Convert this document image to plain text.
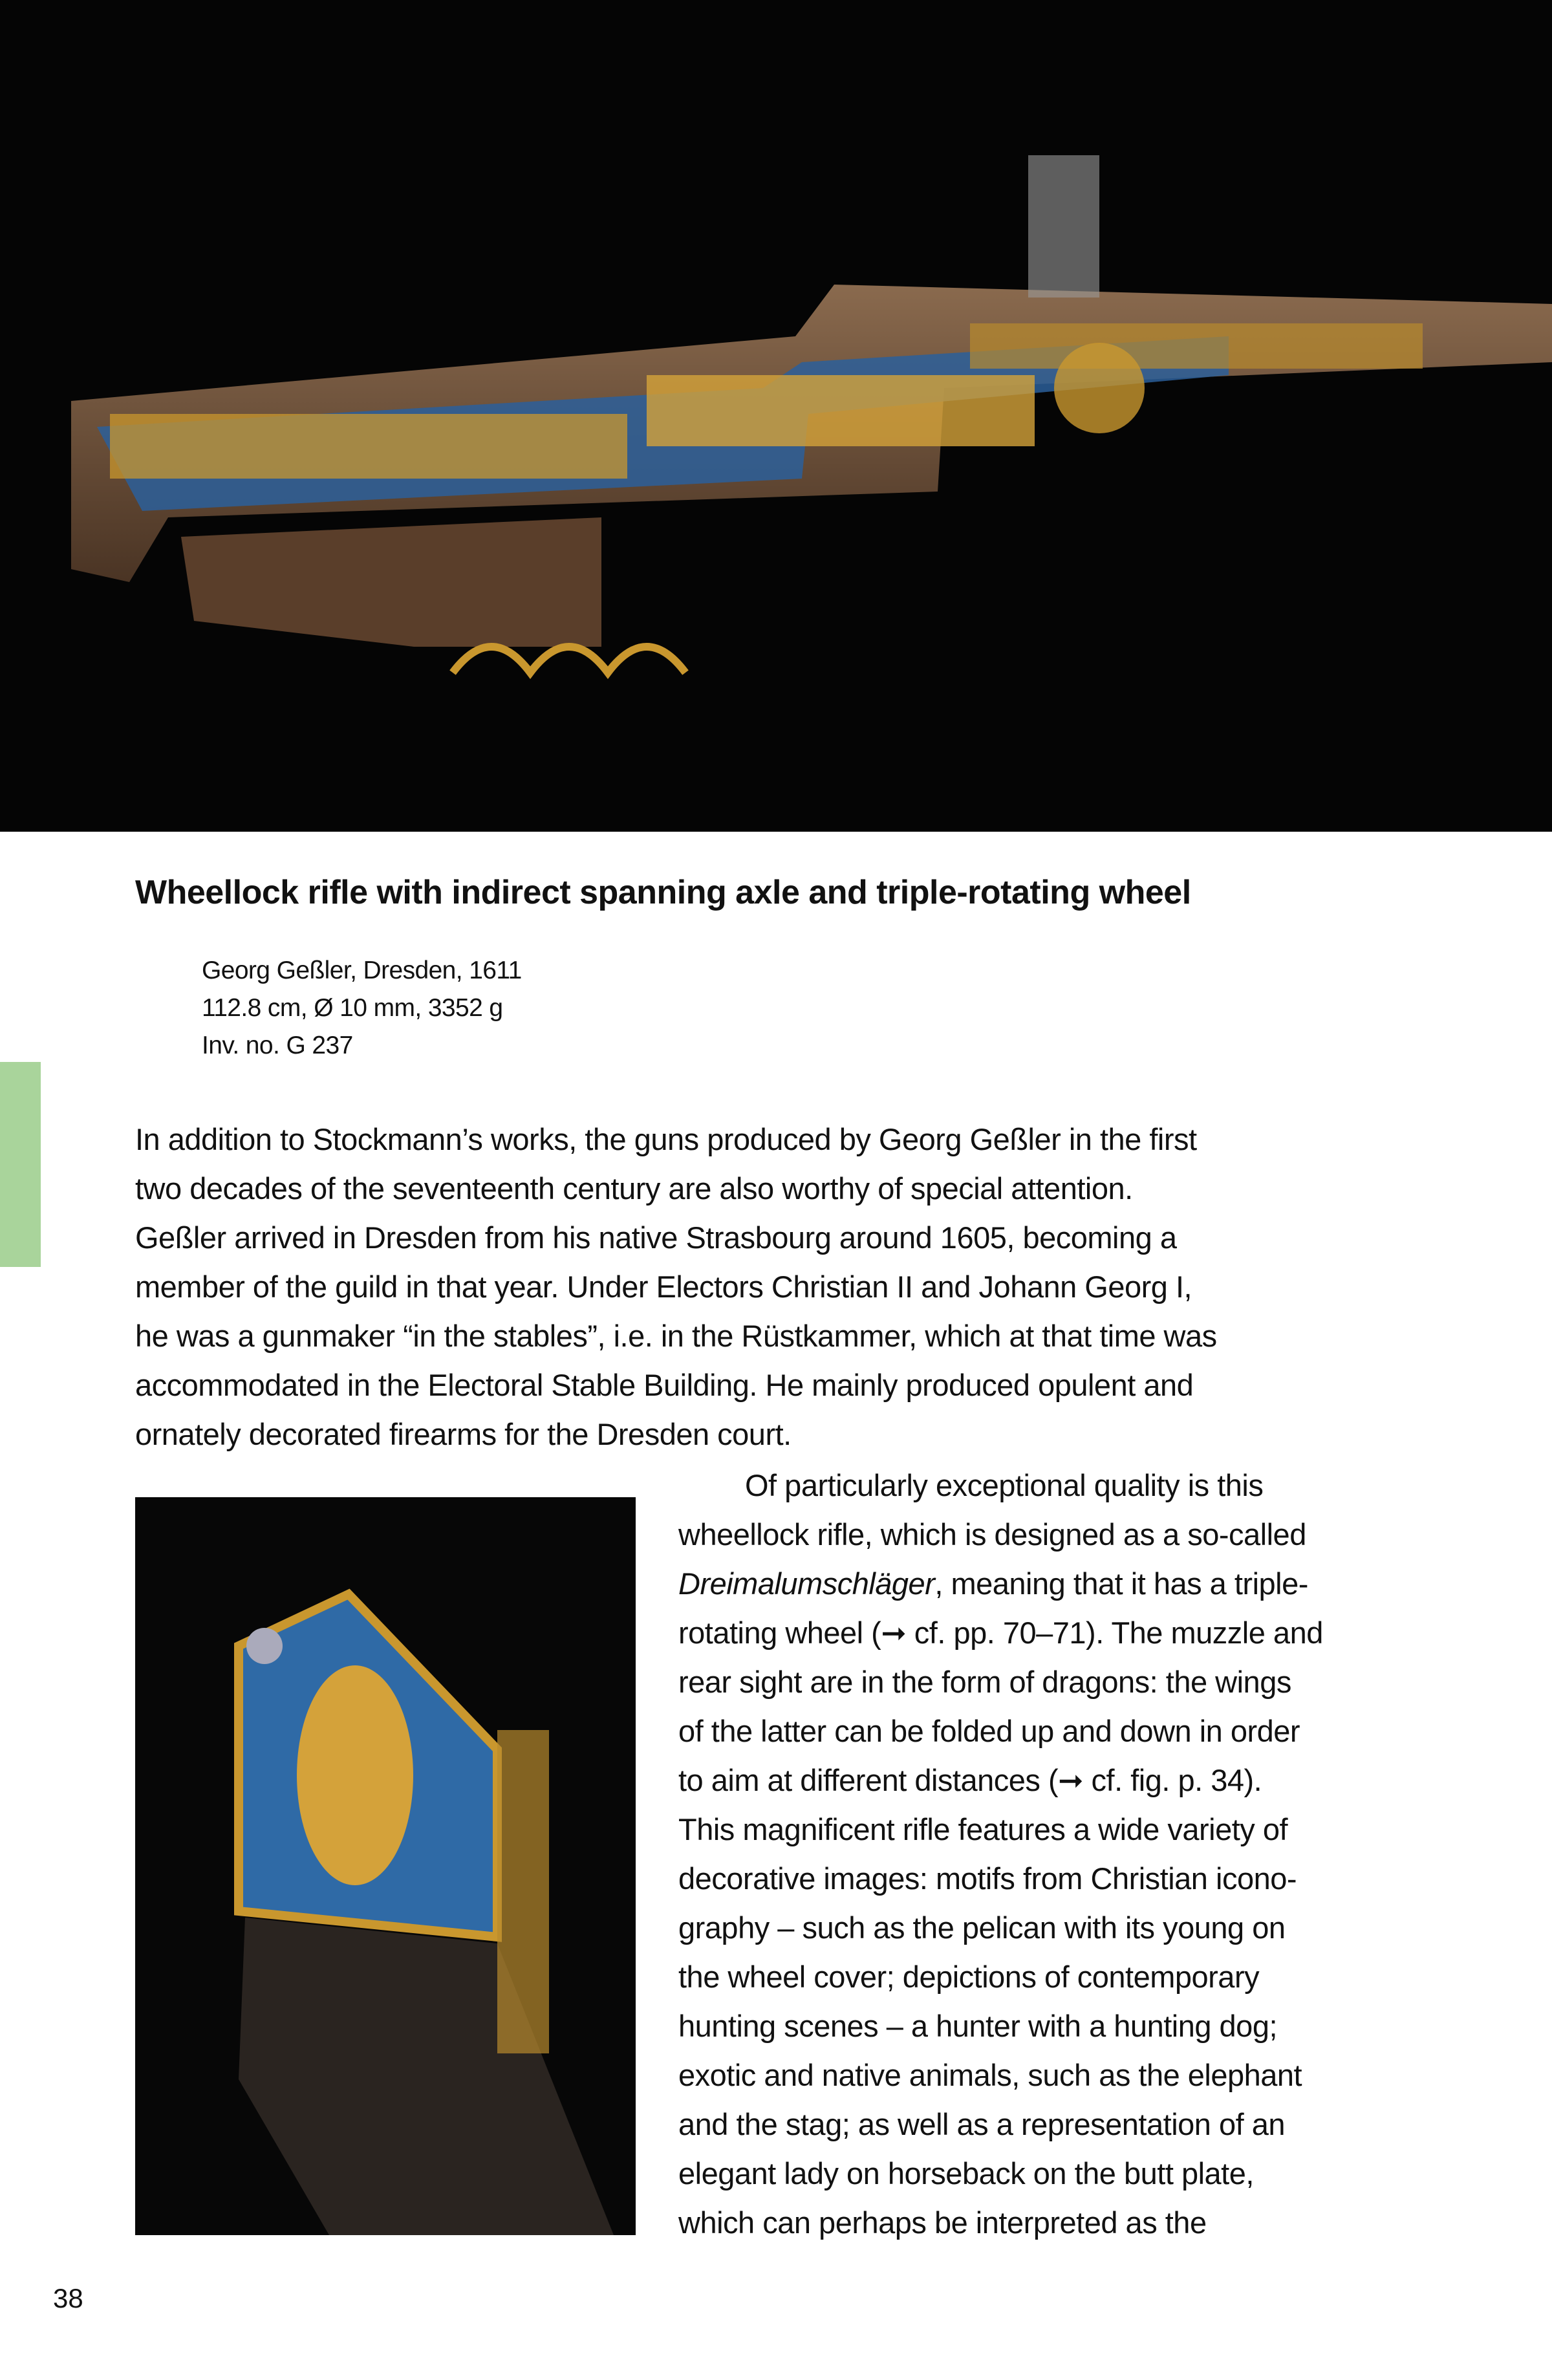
Wheellock rifle with indirect spanning axle and triple-rotating wheel
Georg Geßler, Dresden, 1611
112.8 cm, Ø 10 mm, 3352 g
Inv. no. G 237
In addition to Stockmann’s works, the guns produced by Georg Geßler in the first
two decades of the seventeenth century are also worthy of special attention.
Geßler arrived in Dresden from his native Strasbourg around 1605, becoming a
member of the guild in that year. Under Electors Christian II and Johann Georg I,
he was a gunmaker “in the stables”, i.e. in the Rüstkammer, which at that time was
accommodated in the Electoral Stable Building. He mainly produced opulent and
ornately decorated firearms for the Dresden court.
Of particularly exceptional quality is this
wheellock rifle, which is designed as a so-called
Dreimalumschläger, meaning that it has a triple-
rotating wheel (➞ cf. pp. 70–71). The muzzle and
rear sight are in the form of dragons: the wings
of the latter can be folded up and down in order
to aim at different distances (➞ cf. fig. p. 34).
This magnificent rifle features a wide variety of
decorative images: motifs from Christian icono-
graphy – such as the pelican with its young on
the wheel cover; depictions of contemporary
hunting scenes – a hunter with a hunting dog;
exotic and native animals, such as the elephant
and the stag; as well as a representation of an
elegant lady on horseback on the butt plate,
which can perhaps be interpreted as the
38
